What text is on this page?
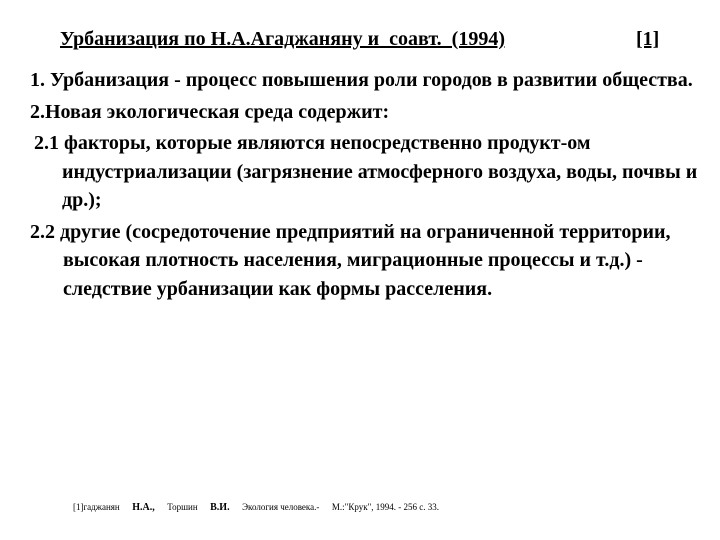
Урбанизация по Н.А.Агаджаняну и  соавт.  (1994)	[1]

1. Урбанизация - процесс повышения роли городов в развитии общества.

2.Новая экологическая среда содержит:

2.1 факторы, которые являются непосредственно продукт-ом индустриализации (загрязнение атмосферного воздуха, воды, почвы и др.);

2.2 другие (сосредоточение предприятий на ограниченной территории, высокая плотность населения, миграционные процессы и т.д.) - следствие урбанизации как формы расселения.

[1]гаджанян Н.А., Торшин В.И. Экология человека.- М.:"Крук", 1994. - 256 с. 33.
